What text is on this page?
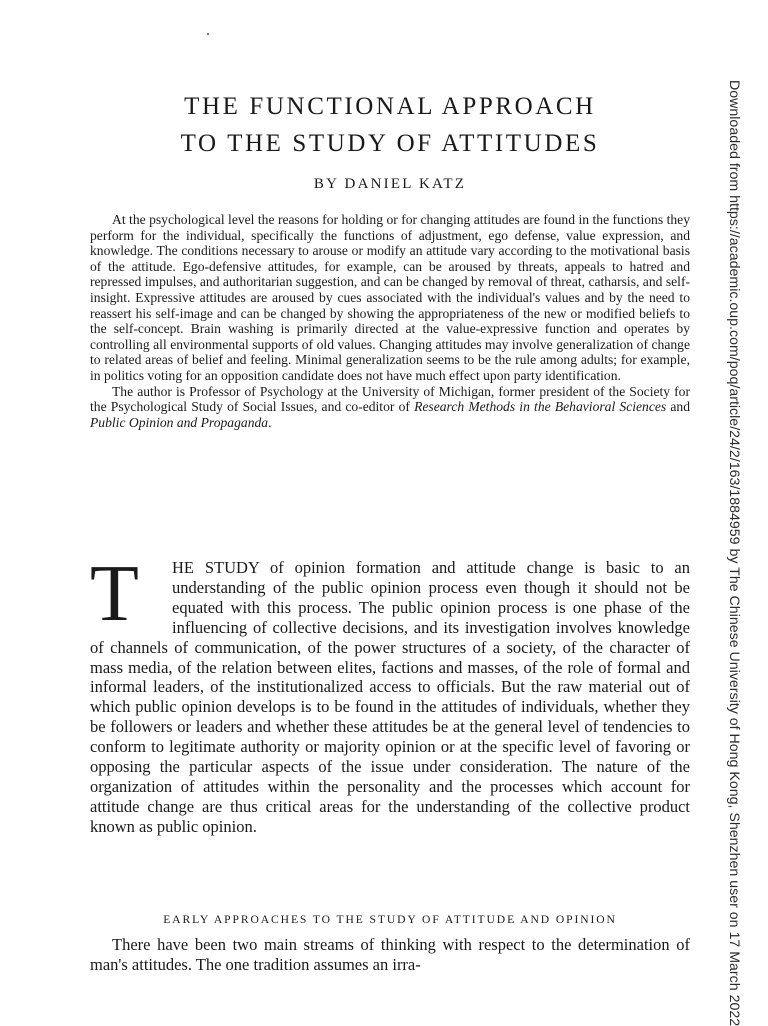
THE FUNCTIONAL APPROACH
TO THE STUDY OF ATTITUDES
BY DANIEL KATZ

At the psychological level the reasons for holding or for changing attitudes are found in the functions they perform for the individual, specifically the functions of adjustment, ego defense, value expression, and knowledge. The conditions necessary to arouse or modify an attitude vary according to the motivational basis of the attitude. Ego-defensive attitudes, for example, can be aroused by threats, appeals to hatred and repressed impulses, and authoritarian suggestion, and can be changed by removal of threat, catharsis, and self-insight. Expressive attitudes are aroused by cues associated with the individual's values and by the need to reassert his self-image and can be changed by showing the appropriateness of the new or modified beliefs to the self-concept. Brain washing is primarily directed at the value-expressive function and operates by controlling all environmental supports of old values. Changing attitudes may involve generalization of change to related areas of belief and feeling. Minimal generalization seems to be the rule among adults; for example, in politics voting for an opposition candidate does not have much effect upon party identification.

The author is Professor of Psychology at the University of Michigan, former president of the Society for the Psychological Study of Social Issues, and co-editor of Research Methods in the Behavioral Sciences and Public Opinion and Propaganda.

T	HE STUDY of opinion formation and attitude change is basic to an understanding of the public opinion process even though it should not be equated with this process. The public opinion process is one phase of the influencing of collective decisions, and its investigation involves knowledge of channels of communication, of the power structures of a society, of the character of mass media, of the relation between elites, factions and masses, of the role of formal and informal leaders, of the institutionalized access to officials. But the raw material out of which public opinion develops is to be found in the attitudes of individuals, whether they be followers or leaders and whether these attitudes be at the general level of tendencies to conform to legitimate authority or majority opinion or at the specific level of favoring or opposing the particular aspects of the issue under consideration. The nature of the organization of attitudes within the personality and the processes which account for attitude change are thus critical areas for the understanding of the collective product known as public opinion.

EARLY APPROACHES TO THE STUDY OF ATTITUDE AND OPINION

There have been two main streams of thinking with respect to the determination of man's attitudes. The one tradition assumes an irra-	Downloaded from https://academic.oup.com/poq/article/24/2/163/1884959 by The Chinese University of Hong Kong, Shenzhen user on 17 March 2022
